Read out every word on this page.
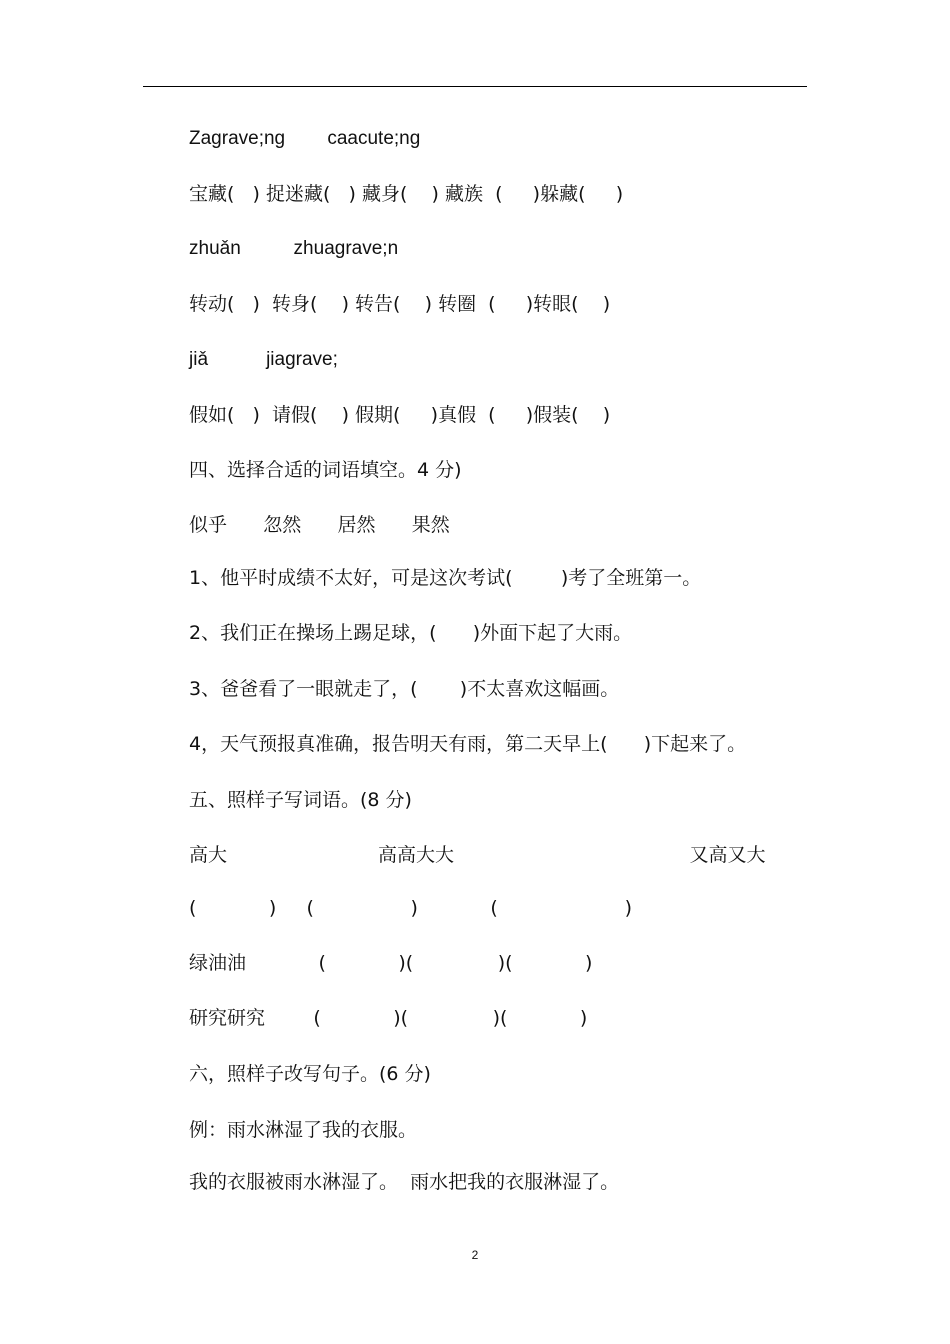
Zagrave;ng        caacute;ng
宝藏(   ) 捉迷藏(   ) 藏身(    ) 藏族  (     )躲藏(     )
zhuǎn          zhuagrave;n
转动(   )  转身(    ) 转告(    ) 转圈  (     )转眼(    )
jiǎ           jiagrave;
假如(   )  请假(    ) 假期(     )真假  (     )假装(    )
四、选择合适的词语填空。4 分)
似乎      忽然      居然      果然
1、他平时成绩不太好，可是这次考试(        )考了全班第一。
2、我们正在操场上踢足球，(      )外面下起了大雨。
3、爸爸看了一眼就走了，(       )不太喜欢这幅画。
4，天气预报真准确，报告明天有雨，第二天早上(      )下起来了。
五、照样子写词语。(8 分)
高大                         高高大大                                       又高又大
(            )     (                )            (                     )
绿油油            (            )(              )(            )
研究研究        (            )(              )(            )
六，照样子改写句子。(6 分)
例：雨水淋湿了我的衣服。
我的衣服被雨水淋湿了。  雨水把我的衣服淋湿了。
2
